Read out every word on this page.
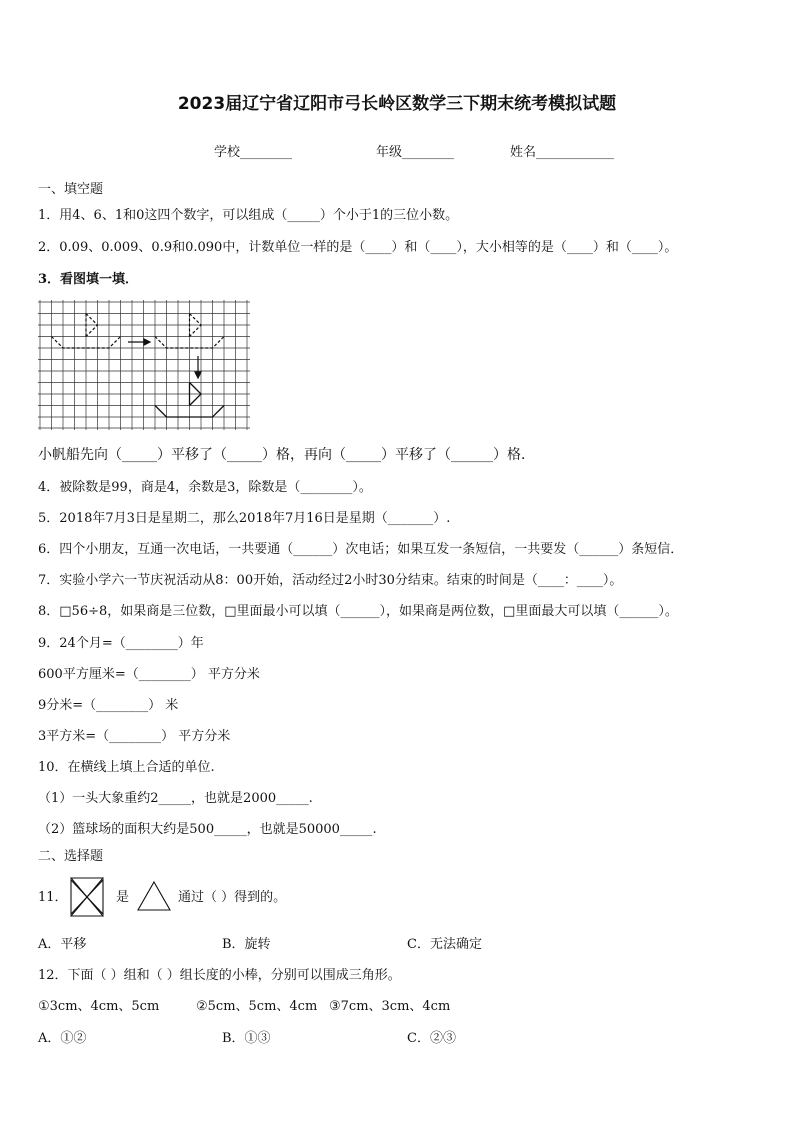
2023届辽宁省辽阳市弓长岭区数学三下期末统考模拟试题
学校________	年级________	姓名____________
一、填空题
1．用4、6、1和0这四个数字，可以组成（_____）个小于1的三位小数。
2．0.09、0.009、0.9和0.090中，计数单位一样的是（____）和（____），大小相等的是（____）和（____）。
3．看图填一填．
小帆船先向（_____）平移了（_____）格，再向（_____）平移了（______）格．
4．被除数是99，商是4，余数是3，除数是（________）。
5．2018年7月3日是星期二，那么2018年7月16日是星期（_______）.
6．四个小朋友，互通一次电话，一共要通（______）次电话；如果互发一条短信，一共要发（______）条短信．
7．实验小学六一节庆祝活动从8：00开始，活动经过2小时30分结束。结束的时间是（____：____）。
8．□56÷8，如果商是三位数，□里面最小可以填（______），如果商是两位数，□里面最大可以填（______）。
9．24个月=（________）年
600平方厘米=（________） 平方分米
9分米=（________） 米
3平方米=（________） 平方分米
10．在横线上填上合适的单位.
（1）一头大象重约2_____，也就是2000_____.
（2）篮球场的面积大约是500_____，也就是50000_____.
二、选择题
11．	是	通过（ ）得到的。
A．平移	B．旋转	C．无法确定
12．下面（ ）组和（ ）组长度的小棒，分别可以围成三角形。
①3cm、4cm、5cm	②5cm、5cm、4cm ③7cm、3cm、4cm
A．①②	B．①③	C．②③
